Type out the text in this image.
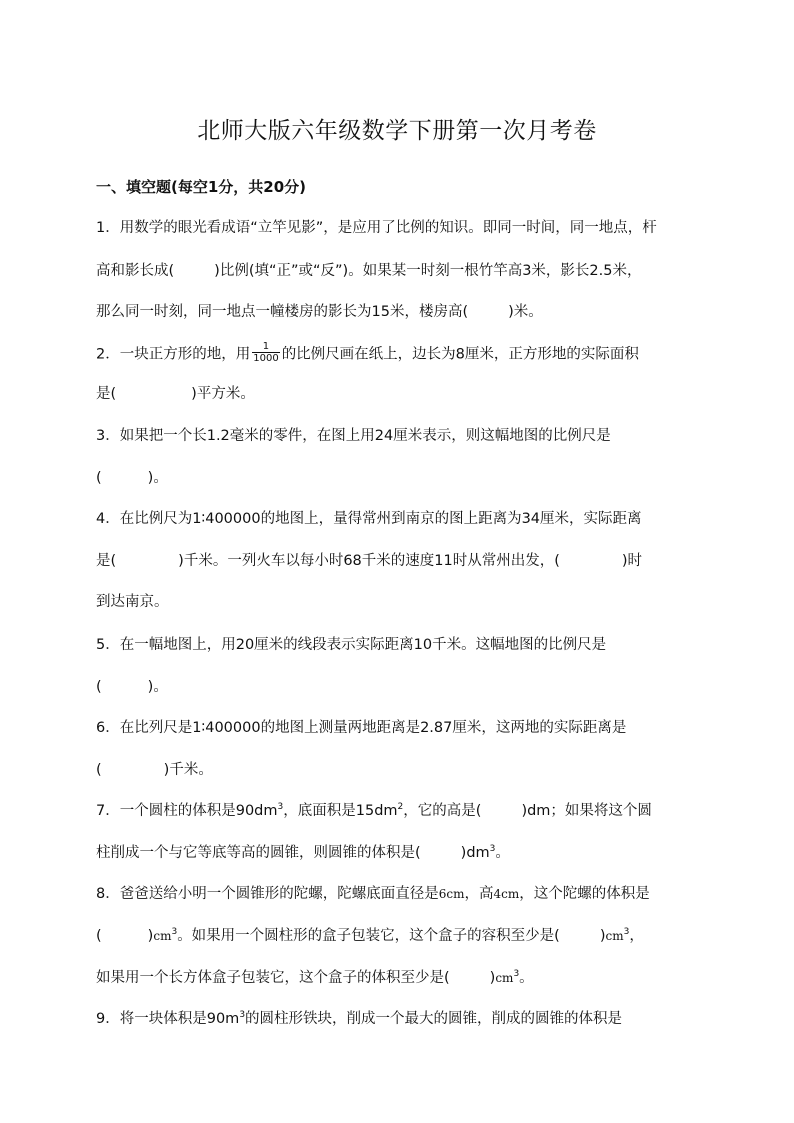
北师大版六年级数学下册第一次月考卷
一、填空题(每空1分，共20分)
1．用数学的眼光看成语“立竿见影”，是应用了比例的知识。即同一时间，同一地点，杆
高和影长成(	)比例(填“正”或“反”)。如果某一时刻一根竹竿高3米，影长2.5米，
那么同一时刻，同一地点一幢楼房的影长为15米，楼房高(	)米。
2．一块正方形的地，用 $\frac{1}{1000}$ 的比例尺画在纸上，边长为8厘米，正方形地的实际面积
是(	)平方米。
3．如果把一个长1.2毫米的零件，在图上用24厘米表示，则这幅地图的比例尺是
(	)。
4．在比例尺为1∶400000的地图上，量得常州到南京的图上距离为34厘米，实际距离
是(	)千米。一列火车以每小时68千米的速度11时从常州出发，(	)时
到达南京。
5．在一幅地图上，用20厘米的线段表示实际距离10千米。这幅地图的比例尺是
(	)。
6．在比列尺是1∶400000的地图上测量两地距离是2.87厘米，这两地的实际距离是
(	)千米。
7．一个圆柱的体积是$90dm^3$，底面积是$15dm^2$，它的高是(	)dm；如果将这个圆
柱削成一个与它等底等高的圆锥，则圆锥的体积是(	)$dm^3$。
8．爸爸送给小明一个圆锥形的陀螺，陀螺底面直径是6cm，高4cm，这个陀螺的体积是
(	)$cm^3$。如果用一个圆柱形的盒子包装它，这个盒子的容积至少是(	)$cm^3$，
如果用一个长方体盒子包装它，这个盒子的体积至少是(	)$cm^3$。
9．将一块体积是$90m^3$的圆柱形铁块，削成一个最大的圆锥，削成的圆锥的体积是
